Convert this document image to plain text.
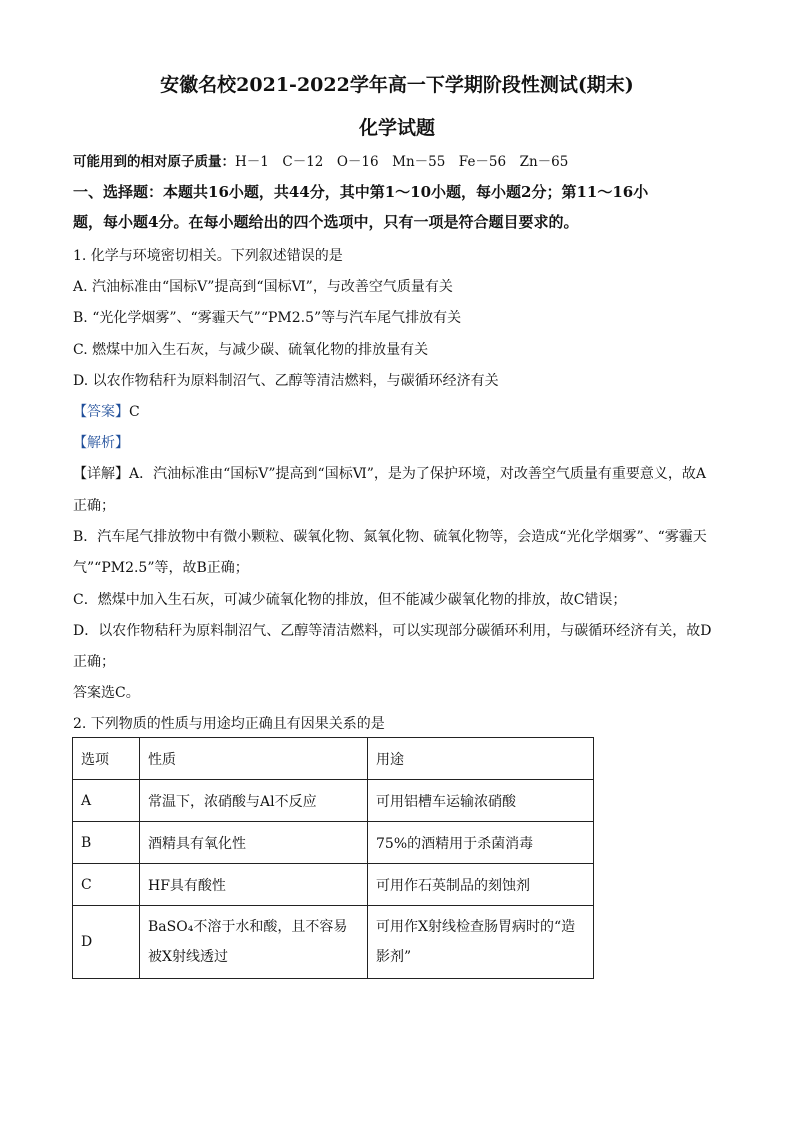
安徽名校2021-2022学年高一下学期阶段性测试(期末)
化学试题
可能用到的相对原子质量：H－1　C－12　O－16　Mn－55　Fe－56　Zn－65
一、选择题：本题共16小题，共44分，其中第1～10小题，每小题2分；第11～16小
题，每小题4分。在每小题给出的四个选项中，只有一项是符合题目要求的。
1. 化学与环境密切相关。下列叙述错误的是
A. 汽油标准由“国标Ⅴ”提高到“国标Ⅵ”，与改善空气质量有关
B. “光化学烟雾”、“雾霾天气”“PM2.5”等与汽车尾气排放有关
C. 燃煤中加入生石灰，与减少碳、硫氧化物的排放量有关
D. 以农作物秸秆为原料制沼气、乙醇等清洁燃料，与碳循环经济有关
【答案】C
【解析】
【详解】A．汽油标准由“国标Ⅴ”提高到“国标Ⅵ”，是为了保护环境，对改善空气质量有重要意义，故A
正确；
B．汽车尾气排放物中有微小颗粒、碳氧化物、氮氧化物、硫氧化物等，会造成“光化学烟雾”、“雾霾天
气”“PM2.5”等，故B正确；
C．燃煤中加入生石灰，可减少硫氧化物的排放，但不能减少碳氧化物的排放，故C错误；
D．以农作物秸秆为原料制沼气、乙醇等清洁燃料，可以实现部分碳循环利用，与碳循环经济有关，故D
正确；
答案选C。
2. 下列物质的性质与用途均正确且有因果关系的是
选项	性质	用途
A	常温下，浓硝酸与Al不反应	可用铝槽车运输浓硝酸
B	酒精具有氧化性	75%的酒精用于杀菌消毒
C	HF具有酸性	可用作石英制品的刻蚀剂
D	BaSO₄不溶于水和酸，且不容易被X射线透过	可用作X射线检查肠胃病时的“造影剂”
